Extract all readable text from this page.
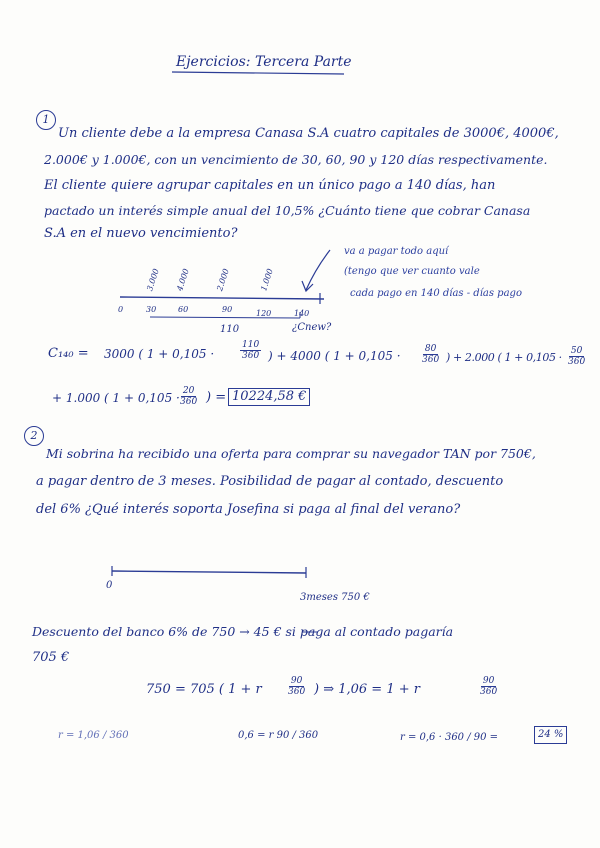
Ejercicios: Tercera Parte
1
Un cliente debe a la empresa Canasa S.A cuatro capitales de 3000€, 4000€,
2.000€ y 1.000€, con un vencimiento de 30, 60, 90 y 120 días respectivamente.
El cliente quiere agrupar capitales en un único pago a 140 días, han
pactado un interés simple anual del 10,5% ¿Cuánto tiene que cobrar Canasa
S.A en el nuevo vencimiento?
va a pagar todo aquí
(tengo que ver cuanto vale
cada pago en 140 días - días pago
3.000	4.000	2.000	1.000
0	30	60	90	120	140
110	¿Cnew?
C₁₄₀ = 3000 ( 1 + 0,105 ·	$\frac{110}{360}$ ) + 4000 ( $1 + 0,105 \cdot \frac{80}{360}$ ) + 2.000 ( $1 + 0,105 \cdot \frac{50}{360}$
+ 1.000 ( 1 + 0,105 ·
$\frac{20}{360}$ ) = 10224,58 €
2
Mi sobrina ha recibido una oferta para comprar su navegador TAN por 750€,
a pagar dentro de 3 meses. Posibilidad de pagar al contado, descuento
del 6% ¿Qué interés soporta Josefina si paga al final del verano?
0
3meses 750 €
Descuento del banco 6% de 750 → 45 € si paga al contado pagaría
705 €
750 = 705 ( 1 + r	$\frac{90}{360}$ ) ⇒ 1,06 = 1 + r	$\frac{90}{360}$
r = 1,06 / 360	0,6 = r 90 / 360	r = 0,6 · 360 / 90 =	24 %
